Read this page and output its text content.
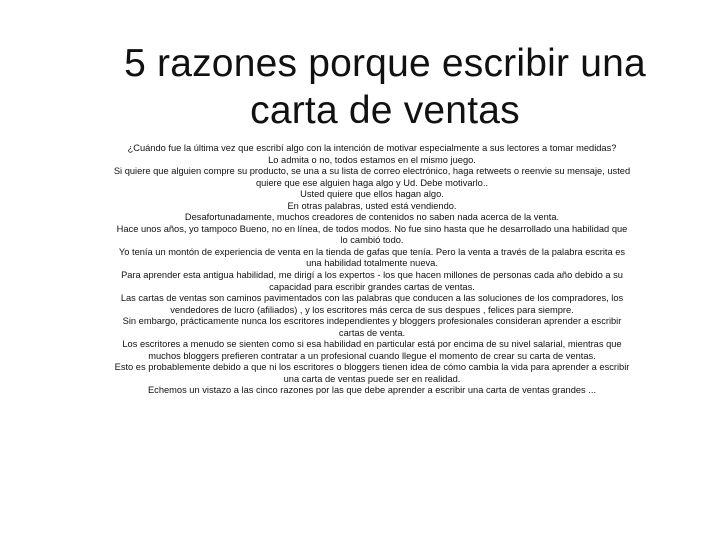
5 razones porque escribir una carta de ventas

¿Cuándo fue la última vez que escribí algo con la intención de motivar especialmente a sus lectores a tomar medidas?

Lo admita o no, todos estamos en el mismo juego.

Si quiere que alguien compre su producto, se una a su lista de correo electrónico, haga retweets o reenvie su mensaje, usted quiere que ese alguien haga algo y Ud. Debe motivarlo..

Usted quiere que ellos hagan algo.

En otras palabras, usted está vendiendo.

Desafortunadamente, muchos creadores de contenidos no saben nada acerca de la venta.

Hace unos años, yo tampoco Bueno, no en línea, de todos modos. No fue sino hasta que he desarrollado una habilidad que lo cambió todo.

Yo tenía un montón de experiencia de venta en la tienda de gafas que tenía. Pero la venta a través de la palabra escrita es una habilidad totalmente nueva.

Para aprender esta antigua habilidad, me dirigí a los expertos - los que hacen millones de personas cada año debido a su capacidad para escribir grandes cartas de ventas.

Las cartas de ventas son caminos pavimentados con las palabras que conducen a las soluciones de los compradores, los vendedores de lucro (afiliados) , y los escritores más cerca de sus despues , felices para siempre.

Sin embargo, prácticamente nunca los escritores independientes y bloggers profesionales consideran aprender a escribir cartas de venta.

Los escritores a menudo se sienten como si esa habilidad en particular está por encima de su nivel salarial, mientras que muchos bloggers prefieren contratar a un profesional cuando llegue el momento de crear su carta de ventas.

Esto es probablemente debido a que ni los escritores o bloggers tienen idea de cómo cambia la vida para aprender a escribir una carta de ventas puede ser en realidad.

Echemos un vistazo a las cinco razones por las que debe aprender a escribir una carta de ventas grandes ...
